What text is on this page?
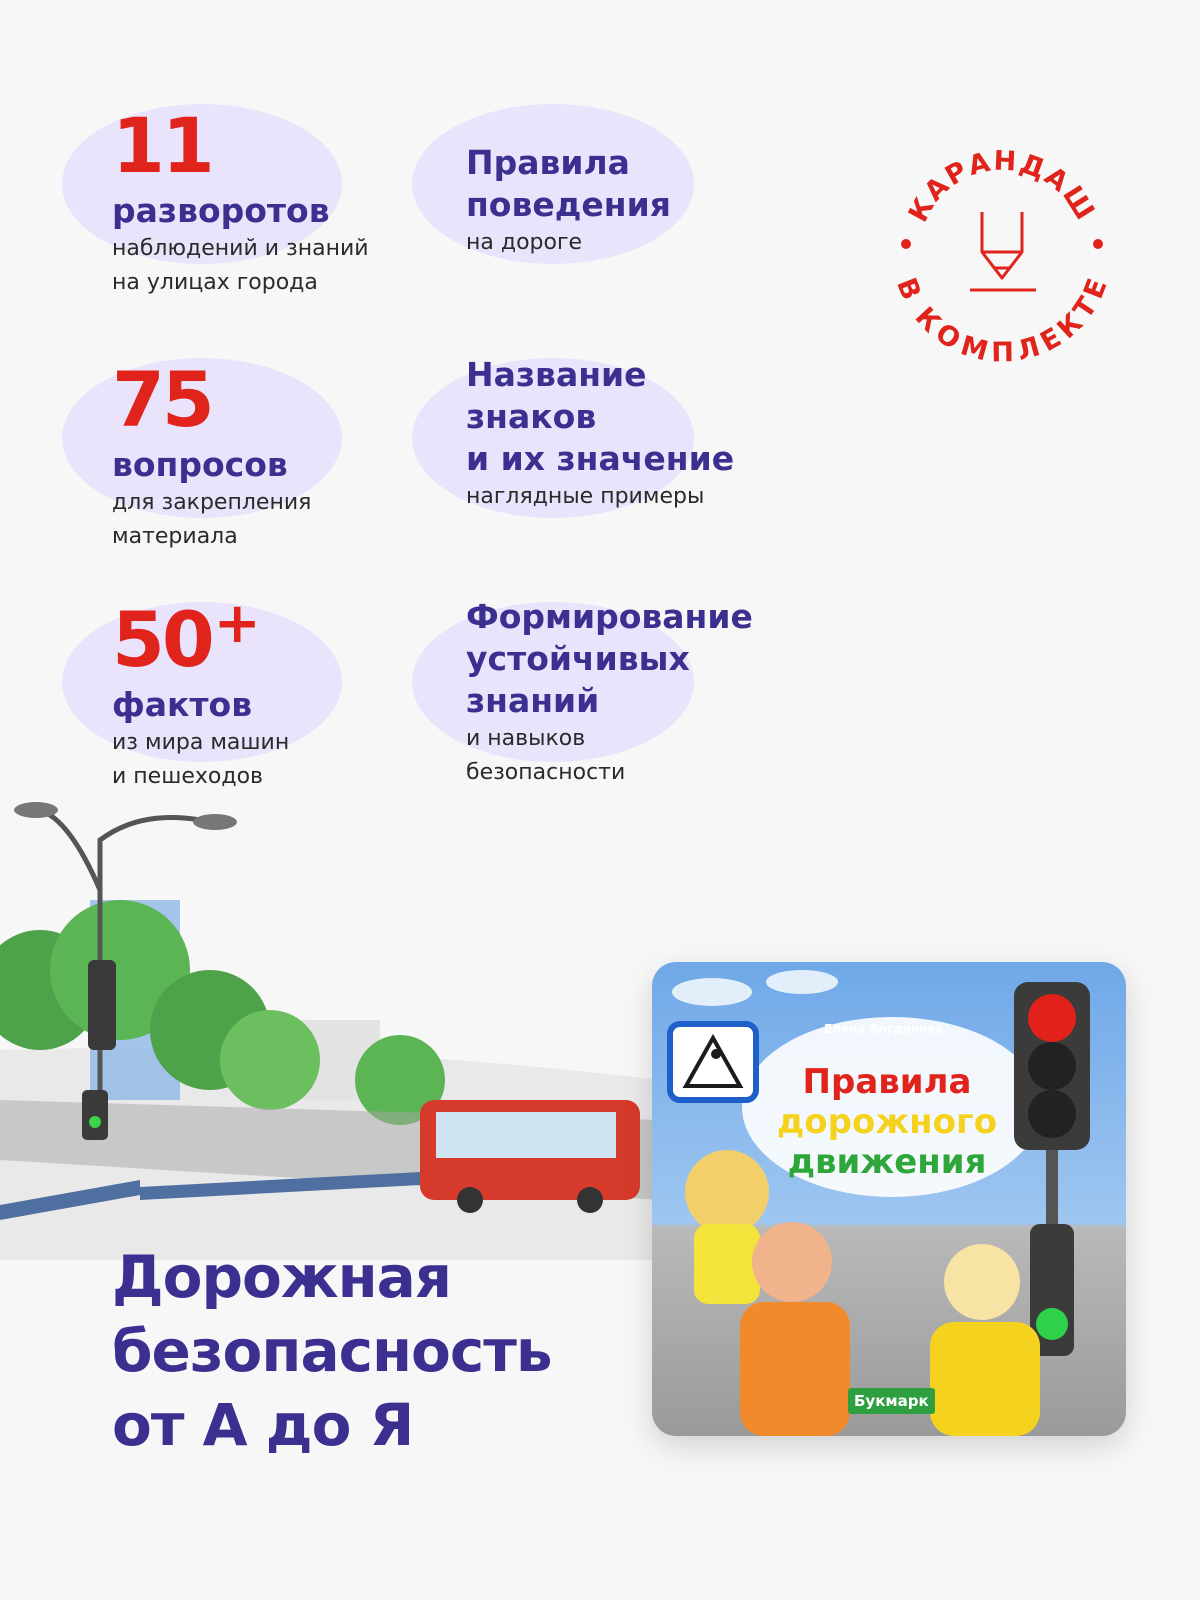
11
разворотов
наблюдений и знаний
на улицах города
75
вопросов
для закрепления
материала
50+
фактов
из мира машин
и пешеходов
Правила
поведения
на дороге
Название
знаков
и их значение
наглядные примеры
Формирование
устойчивых
знаний
и навыков
безопасности
КАРАНДАШ
В КОМПЛЕКТЕ
Дорожная
безопасность
от А до Я
Елена Богданова
Правила
дорожного
движения
Букмарк
